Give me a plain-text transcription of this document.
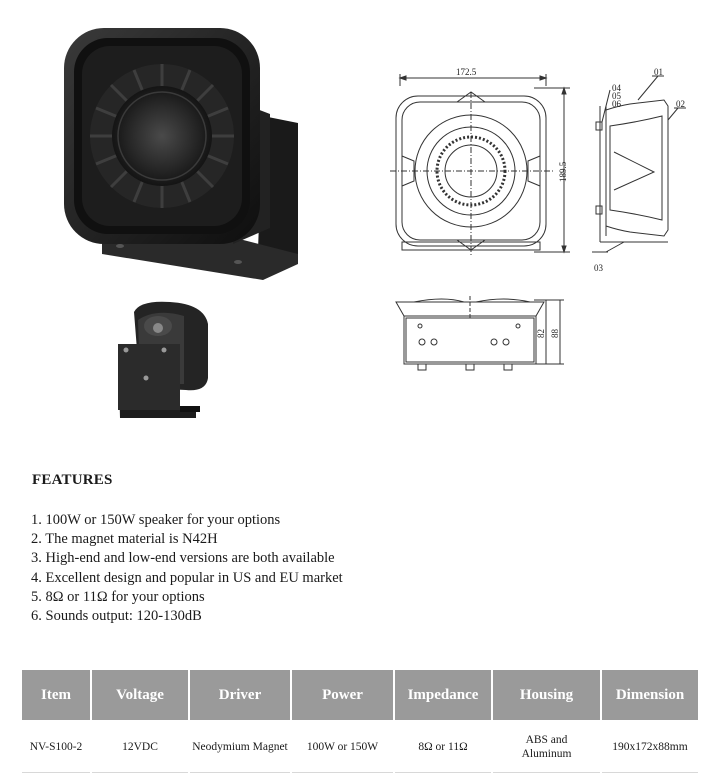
172.5
189.5
01
02
03
04
05
06
82 88
FEATURES
1. 100W or 150W speaker for your options
2. The magnet material is N42H
3. High-end and low-end versions are both available
4. Excellent design and popular in US and EU market
5. 8Ω or 11Ω for your options
6. Sounds output: 120-130dB
Item	Voltage	Driver	Power	Impedance	Housing	Dimension
NV-S100-2	12VDC	Neodymium Magnet	100W or 150W	8Ω or 11Ω	ABS and Aluminum	190x172x88mm
